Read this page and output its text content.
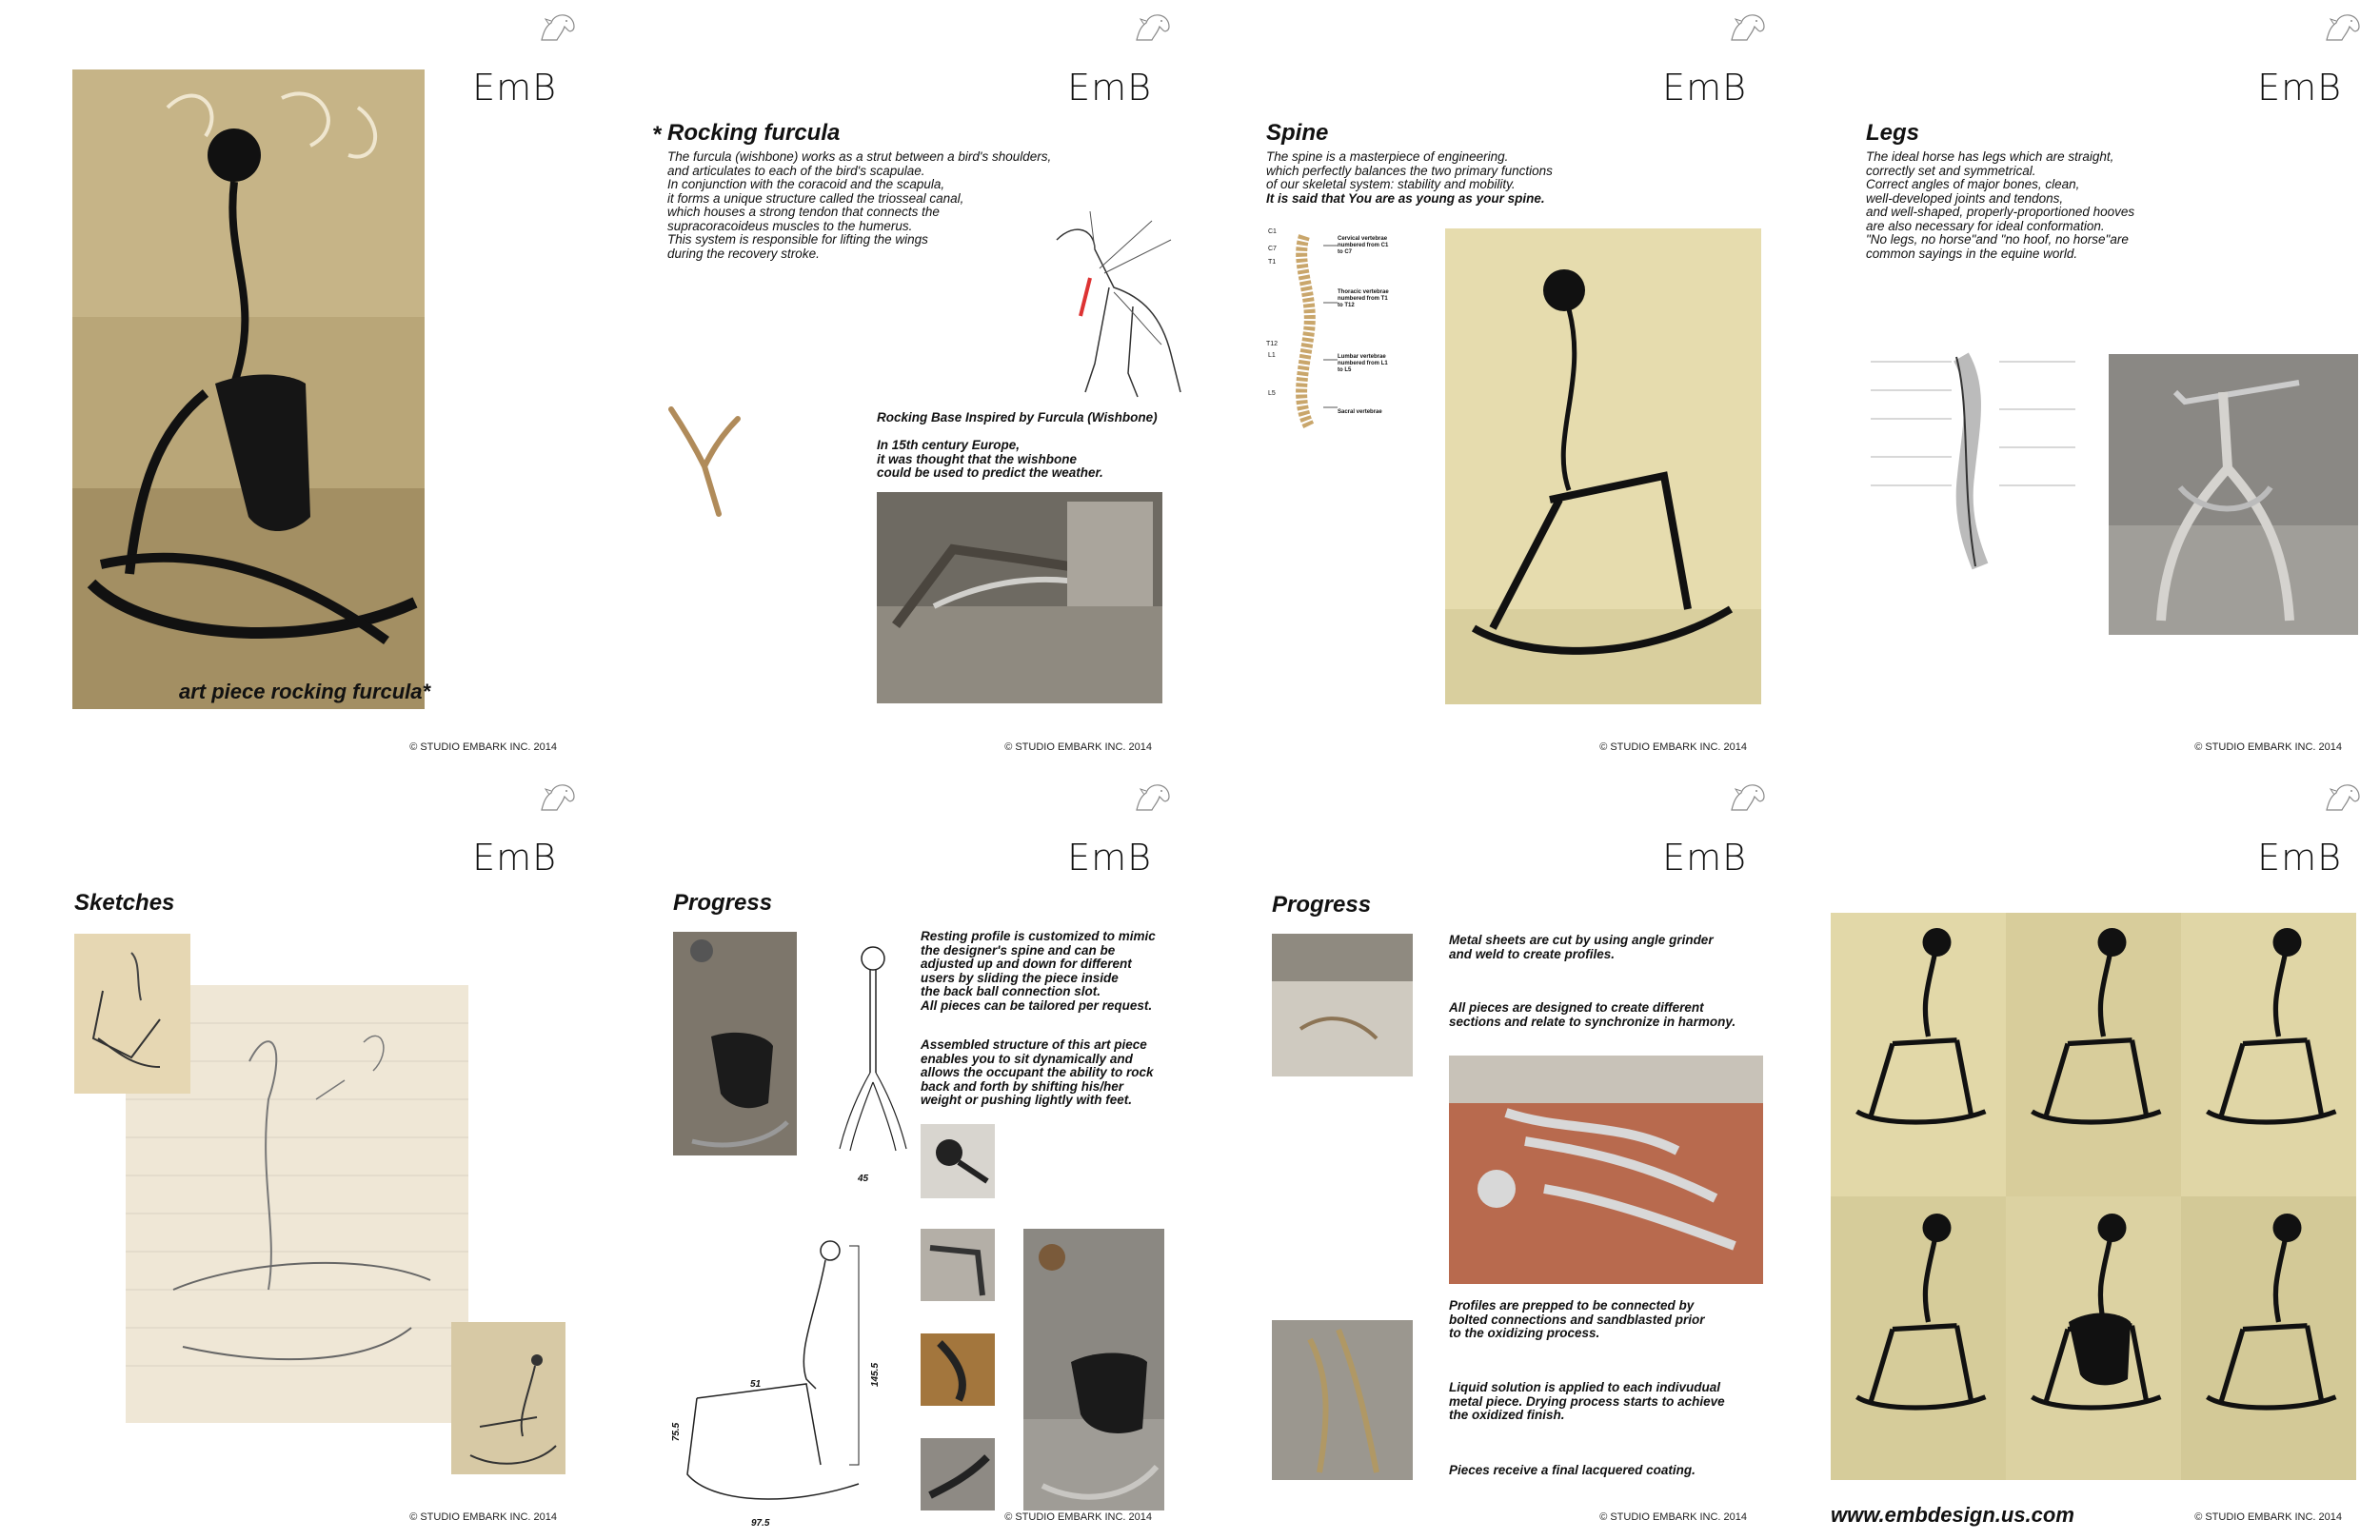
EmB
art piece rocking furcula*
© STUDIO EMBARK INC. 2014
EmB
* Rocking furcula
The furcula (wishbone) works as a strut between a bird's shoulders,
and articulates to each of the bird's scapulae.
In conjunction with the coracoid and the scapula,
it forms a unique structure called the triosseal canal,
which houses a strong tendon that connects the
supracoracoideus muscles to the humerus.
This system is responsible for lifting the wings
during the recovery stroke.
Rocking Base Inspired by Furcula (Wishbone)

In 15th century Europe,
it was thought that the wishbone
could be used to predict the weather.
© STUDIO EMBARK INC. 2014
EmB
Spine
The spine is a masterpiece of engineering.
which perfectly balances the two primary functions
of our skeletal system: stability and mobility.
It is said that You are as young as your spine.
C1
C7
T1
T12
L1
L5
Cervical vertebrae numbered from C1 to C7
Thoracic vertebrae numbered from T1 to T12
Lumbar vertebrae numbered from L1 to L5
Sacral vertebrae
© STUDIO EMBARK INC. 2014
EmB
Legs
The ideal horse has legs which are straight,
correctly set and symmetrical.
Correct angles of major bones, clean,
well-developed joints and tendons,
and well-shaped, properly-proportioned hooves
are also necessary for ideal conformation.
"No legs, no horse"and "no hoof, no horse"are
common sayings in the equine world.
© STUDIO EMBARK INC. 2014
EmB
Sketches
© STUDIO EMBARK INC. 2014
EmB
Progress
45
Resting profile is customized to mimic
the designer's spine and can be
adjusted up and down for different
users by sliding the piece inside
the back ball connection slot.
All pieces can be tailored per request.
Assembled structure of this art piece
enables you to sit dynamically and
allows the occupant the ability to rock
back and forth by shifting his/her
weight or pushing lightly with feet.
51	145.5
75.5
97.5
© STUDIO EMBARK INC. 2014
EmB
Progress
Metal sheets are cut by using angle grinder
and weld to create profiles.
All pieces are designed to create different
sections and relate to synchronize in harmony.
Profiles are prepped to be connected by
bolted connections and sandblasted prior
to the oxidizing process.
Liquid solution is applied to each indivudual
metal piece. Drying process starts to achieve
the oxidized finish.
Pieces receive a final lacquered coating.
© STUDIO EMBARK INC. 2014
EmB
www.embdesign.us.com	© STUDIO EMBARK INC. 2014
